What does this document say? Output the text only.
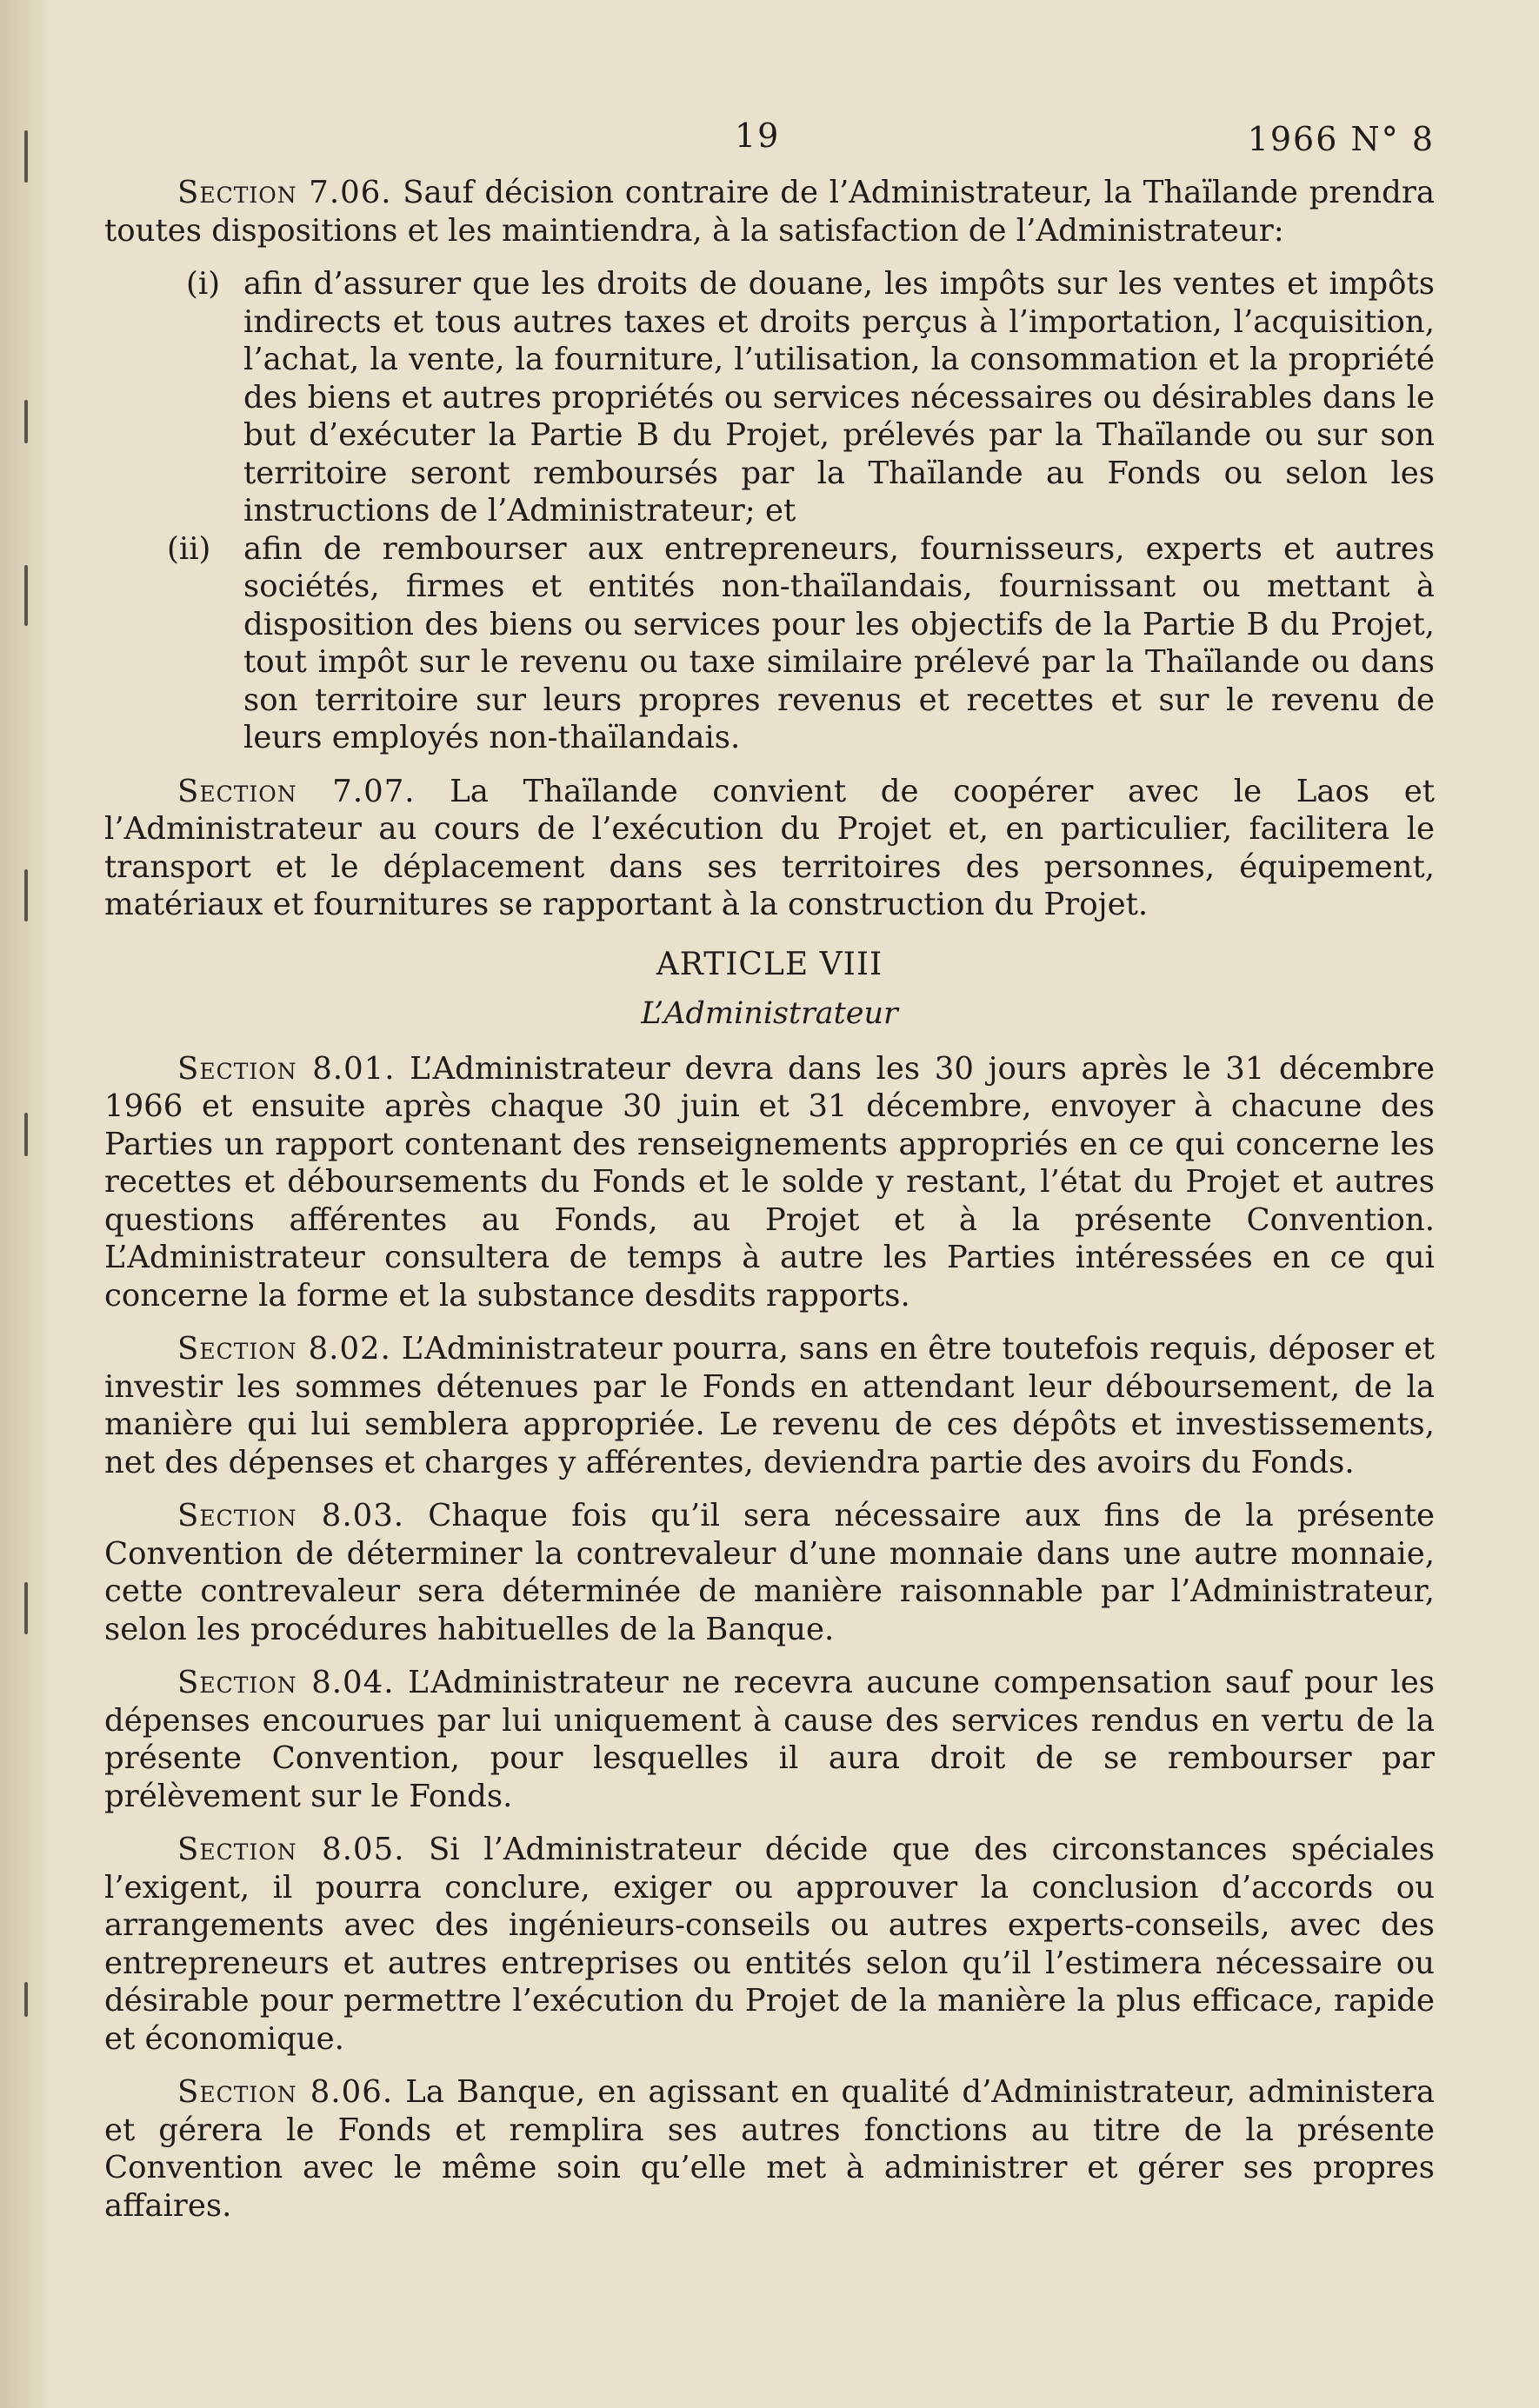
19	1966 N° 8

Section 7.06. Sauf décision contraire de l’Administrateur, la Thaïlande prendra toutes dispositions et les maintiendra, à la satisfaction de l’Administrateur:

(i) afin d’assurer que les droits de douane, les impôts sur les ventes et impôts indirects et tous autres taxes et droits perçus à l’importation, l’acquisition, l’achat, la vente, la fourniture, l’utilisation, la consommation et la propriété des biens et autres propriétés ou services nécessaires ou désirables dans le but d’exécuter la Partie B du Projet, prélevés par la Thaïlande ou sur son territoire seront remboursés par la Thaïlande au Fonds ou selon les instructions de l’Administrateur; et
(ii) afin de rembourser aux entrepreneurs, fournisseurs, experts et autres sociétés, firmes et entités non-thaïlandais, fournissant ou mettant à disposition des biens ou services pour les objectifs de la Partie B du Projet, tout impôt sur le revenu ou taxe similaire prélevé par la Thaïlande ou dans son territoire sur leurs propres revenus et recettes et sur le revenu de leurs employés non-thaïlandais.

Section 7.07. La Thaïlande convient de coopérer avec le Laos et l’Administrateur au cours de l’exécution du Projet et, en particulier, facilitera le transport et le déplacement dans ses territoires des personnes, équipement, matériaux et fournitures se rapportant à la construction du Projet.

ARTICLE VIII
L’Administrateur

Section 8.01. L’Administrateur devra dans les 30 jours après le 31 décembre 1966 et ensuite après chaque 30 juin et 31 décembre, envoyer à chacune des Parties un rapport contenant des renseignements appropriés en ce qui concerne les recettes et déboursements du Fonds et le solde y restant, l’état du Projet et autres questions afférentes au Fonds, au Projet et à la présente Convention. L’Administrateur consultera de temps à autre les Parties intéressées en ce qui concerne la forme et la substance desdits rapports.

Section 8.02. L’Administrateur pourra, sans en être toutefois requis, déposer et investir les sommes détenues par le Fonds en attendant leur déboursement, de la manière qui lui semblera appropriée. Le revenu de ces dépôts et investissements, net des dépenses et charges y afférentes, deviendra partie des avoirs du Fonds.

Section 8.03. Chaque fois qu’il sera nécessaire aux fins de la présente Convention de déterminer la contrevaleur d’une monnaie dans une autre monnaie, cette contrevaleur sera déterminée de manière raisonnable par l’Administrateur, selon les procédures habituelles de la Banque.

Section 8.04. L’Administrateur ne recevra aucune compensation sauf pour les dépenses encourues par lui uniquement à cause des services rendus en vertu de la présente Convention, pour lesquelles il aura droit de se rembourser par prélèvement sur le Fonds.

Section 8.05. Si l’Administrateur décide que des circonstances spéciales l’exigent, il pourra conclure, exiger ou approuver la conclusion d’accords ou arrangements avec des ingénieurs-conseils ou autres experts-conseils, avec des entrepreneurs et autres entreprises ou entités selon qu’il l’estimera nécessaire ou désirable pour permettre l’exécution du Projet de la manière la plus efficace, rapide et économique.

Section 8.06. La Banque, en agissant en qualité d’Administrateur, administera et gérera le Fonds et remplira ses autres fonctions au titre de la présente Convention avec le même soin qu’elle met à administrer et gérer ses propres affaires.
